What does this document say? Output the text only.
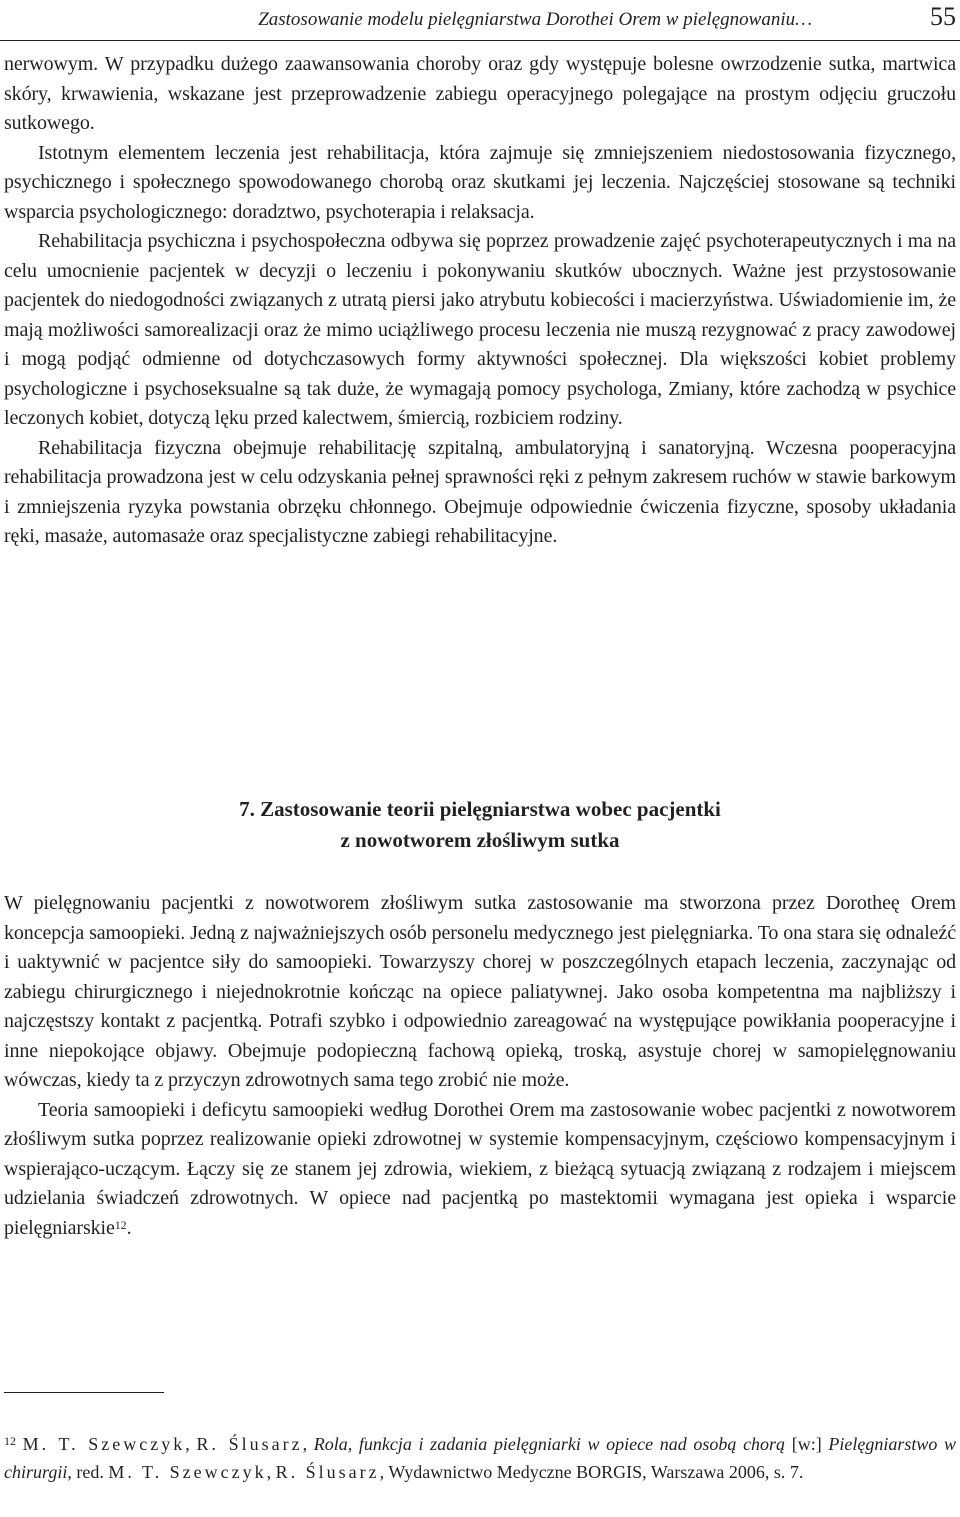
Zastosowanie modelu pielęgniarstwa Dorothei Orem w pielęgnowaniu…	55

nerwowym. W przypadku dużego zaawansowania choroby oraz gdy występuje bolesne owrzodzenie sutka, martwica skóry, krwawienia, wskazane jest przeprowadzenie zabiegu operacyjnego polegające na prostym odjęciu gruczołu sutkowego.

Istotnym elementem leczenia jest rehabilitacja, która zajmuje się zmniejszeniem niedostosowania fizycznego, psychicznego i społecznego spowodowanego chorobą oraz skutkami jej leczenia. Najczęściej stosowane są techniki wsparcia psychologicznego: doradztwo, psychoterapia i relaksacja.

Rehabilitacja psychiczna i psychospołeczna odbywa się poprzez prowadzenie zajęć psychoterapeutycznych i ma na celu umocnienie pacjentek w decyzji o leczeniu i pokonywaniu skutków ubocznych. Ważne jest przystosowanie pacjentek do niedogodności związanych z utratą piersi jako atrybutu kobiecości i macierzyństwa. Uświadomienie im, że mają możliwości samorealizacji oraz że mimo uciążliwego procesu leczenia nie muszą rezygnować z pracy zawodowej i mogą podjąć odmienne od dotychczasowych formy aktywności społecznej. Dla większości kobiet problemy psychologiczne i psychoseksualne są tak duże, że wymagają pomocy psychologa, Zmiany, które zachodzą w psychice leczonych kobiet, dotyczą lęku przed kalectwem, śmiercią, rozbiciem rodziny.

Rehabilitacja fizyczna obejmuje rehabilitację szpitalną, ambulatoryjną i sanatoryjną. Wczesna pooperacyjna rehabilitacja prowadzona jest w celu odzyskania pełnej sprawności ręki z pełnym zakresem ruchów w stawie barkowym i zmniejszenia ryzyka powstania obrzęku chłonnego. Obejmuje odpowiednie ćwiczenia fizyczne, sposoby układania ręki, masaże, automasaże oraz specjalistyczne zabiegi rehabilitacyjne.

7. Zastosowanie teorii pielęgniarstwa wobec pacjentki
z nowotworem złośliwym sutka

W pielęgnowaniu pacjentki z nowotworem złośliwym sutka zastosowanie ma stworzona przez Dorotheę Orem koncepcja samoopieki. Jedną z najważniejszych osób personelu medycznego jest pielęgniarka. To ona stara się odnaleźć i uaktywnić w pacjentce siły do samoopieki. Towarzyszy chorej w poszczególnych etapach leczenia, zaczynając od zabiegu chirurgicznego i niejednokrotnie kończąc na opiece paliatywnej. Jako osoba kompetentna ma najbliższy i najczęstszy kontakt z pacjentką. Potrafi szybko i odpowiednio zareagować na występujące powikłania pooperacyjne i inne niepokojące objawy. Obejmuje podopieczną fachową opieką, troską, asystuje chorej w samopielęgnowaniu wówczas, kiedy ta z przyczyn zdrowotnych sama tego zrobić nie może.

Teoria samoopieki i deficytu samoopieki według Dorothei Orem ma zastosowanie wobec pacjentki z nowotworem złośliwym sutka poprzez realizowanie opieki zdrowotnej w systemie kompensacyjnym, częściowo kompensacyjnym i wspierająco-uczącym. Łączy się ze stanem jej zdrowia, wiekiem, z bieżącą sytuacją związaną z rodzajem i miejscem udzielania świadczeń zdrowotnych. W opiece nad pacjentką po mastektomii wymagana jest opieka i wsparcie pielęgniarskie$^{12}$.

$^{12}$ M. T. Szewczyk, R. Ślusarz, Rola, funkcja i zadania pielęgniarki w opiece nad osobą chorą [w:] Pielęgniarstwo w chirurgii, red. M. T. Szewczyk, R. Ślusarz, Wydawnictwo Medyczne BORGIS, Warszawa 2006, s. 7.
